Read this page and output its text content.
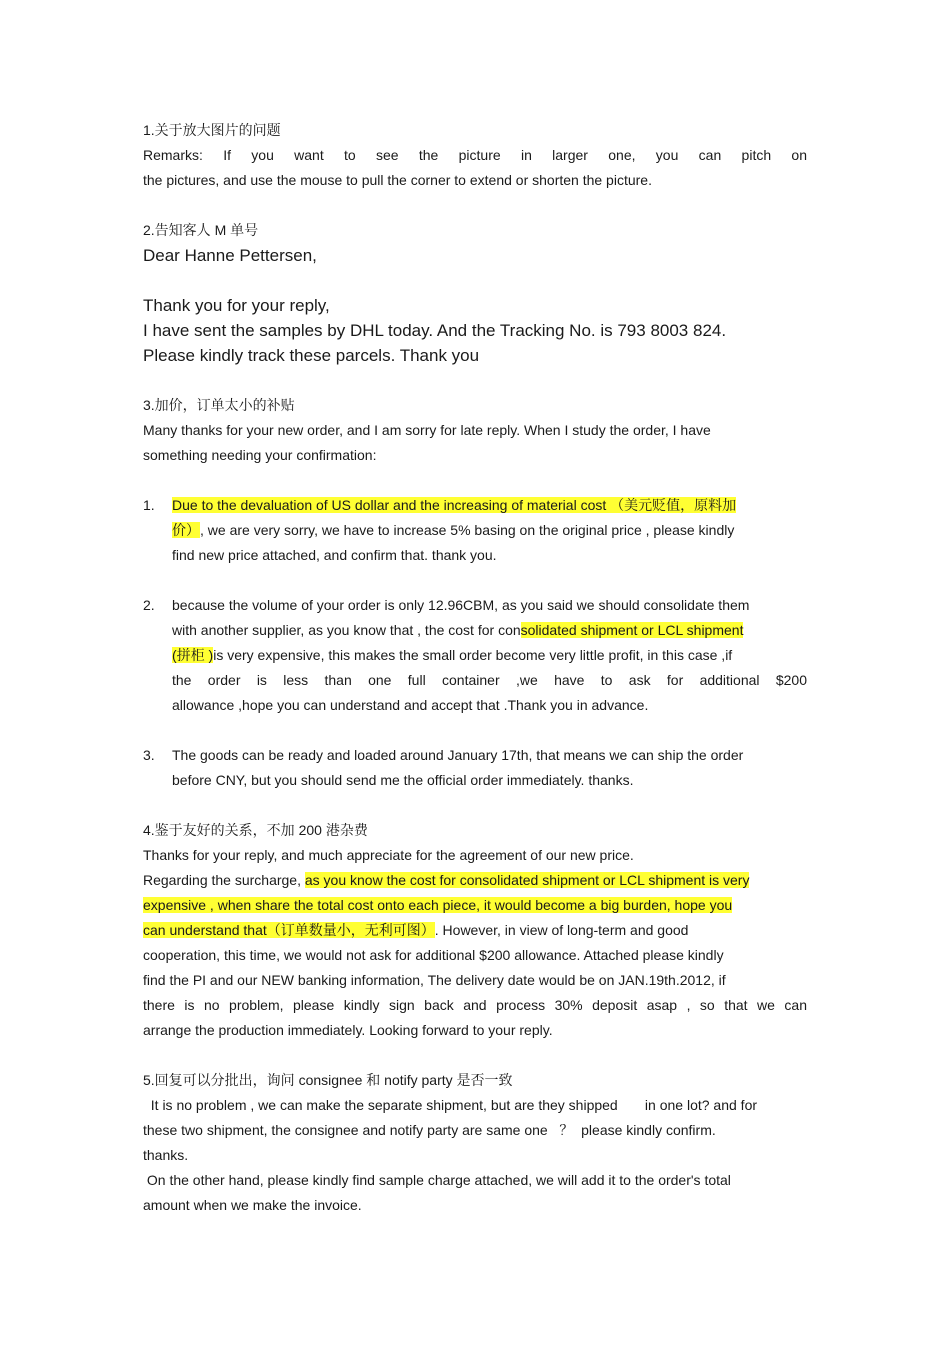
1.关于放大图片的问题
Remarks: If you want to see the picture in larger one, you can pitch on
the pictures, and use the mouse to pull the corner to extend or shorten the picture.
2.告知客人 M 单号
Dear Hanne Pettersen,
Thank you for your reply,
I have sent the samples by DHL today. And the Tracking No. is 793 8003 824.
Please kindly track these parcels. Thank you
3.加价，订单太小的补贴
Many thanks for your new order, and I am sorry for late reply. When I study the order, I have
something needing your confirmation:
1. Due to the devaluation of US dollar and the increasing of material cost （美元贬值，原料加
价）, we are very sorry, we have to increase 5% basing on the original price , please kindly
find new price attached, and confirm that. thank you.
2. because the volume of your order is only 12.96CBM, as you said we should consolidate them
with another supplier, as you know that , the cost for consolidated shipment or LCL shipment
(拼柜 )is very expensive, this makes the small order become very little profit, in this case ,if
the order is less than one full container ,we have to ask for additional $200
allowance ,hope you can understand and accept that .Thank you in advance.
3. The goods can be ready and loaded around January 17th, that means we can ship the order
before CNY, but you should send me the official order immediately. thanks.
4.鉴于友好的关系，不加 200 港杂费
Thanks for your reply, and much appreciate for the agreement of our new price.
Regarding the surcharge, as you know the cost for consolidated shipment or LCL shipment is very
expensive , when share the total cost onto each piece, it would become a big burden, hope you
can understand that（订单数量小，无利可图）. However, in view of long-term and good
cooperation, this time, we would not ask for additional $200 allowance. Attached please kindly
find the PI and our NEW banking information, The delivery date would be on JAN.19th.2012, if
there is no problem, please kindly sign back and process 30% deposit asap , so that we can
arrange the production immediately. Looking forward to your reply.
5.回复可以分批出，询问 consignee 和 notify party 是否一致
It is no problem , we can make the separate shipment, but are they shipped       in one lot? and for
these two shipment, the consignee and notify party are same one   ？  please kindly confirm.
thanks.
On the other hand, please kindly find sample charge attached, we will add it to the order's total
amount when we make the invoice.
